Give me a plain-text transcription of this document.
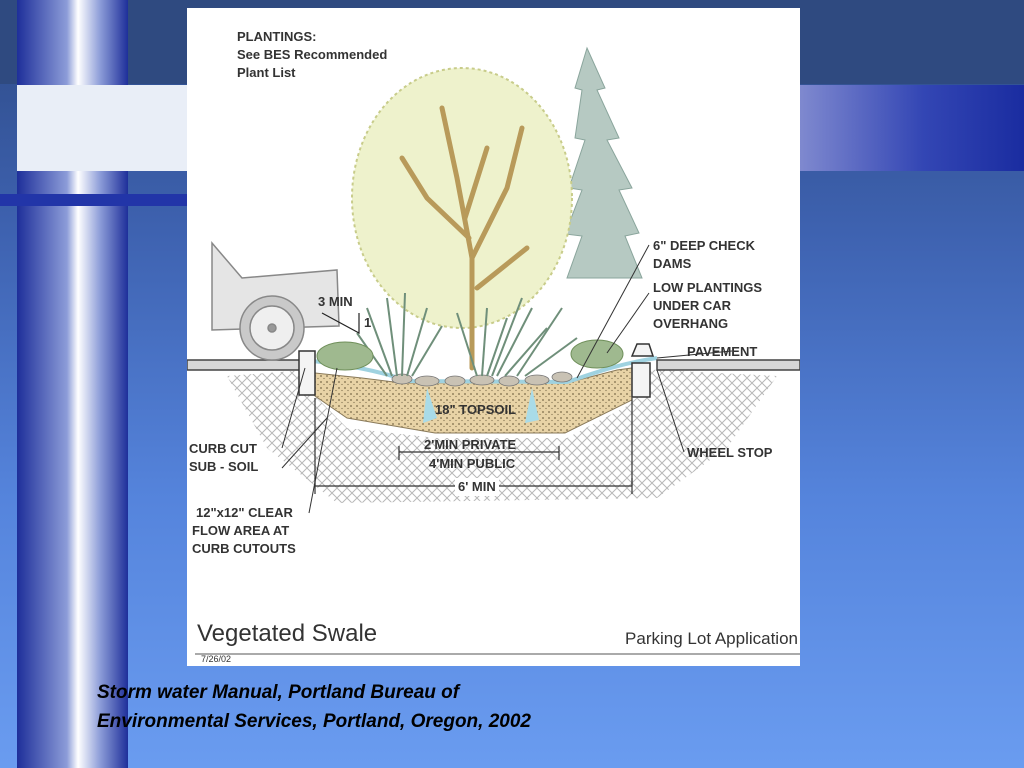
PLANTINGS:
See BES Recommended
Plant List
3 MIN
1
6" DEEP CHECK
DAMS
LOW PLANTINGS
UNDER CAR
OVERHANG
PAVEMENT
18" TOPSOIL
2'MIN PRIVATE
4'MIN PUBLIC
6' MIN
CURB CUT
SUB - SOIL
WHEEL STOP
12"x12" CLEAR
FLOW AREA AT
CURB CUTOUTS
Vegetated Swale	Parking Lot Application
7/26/02
Storm water Manual, Portland Bureau of
Environmental Services, Portland, Oregon, 2002
